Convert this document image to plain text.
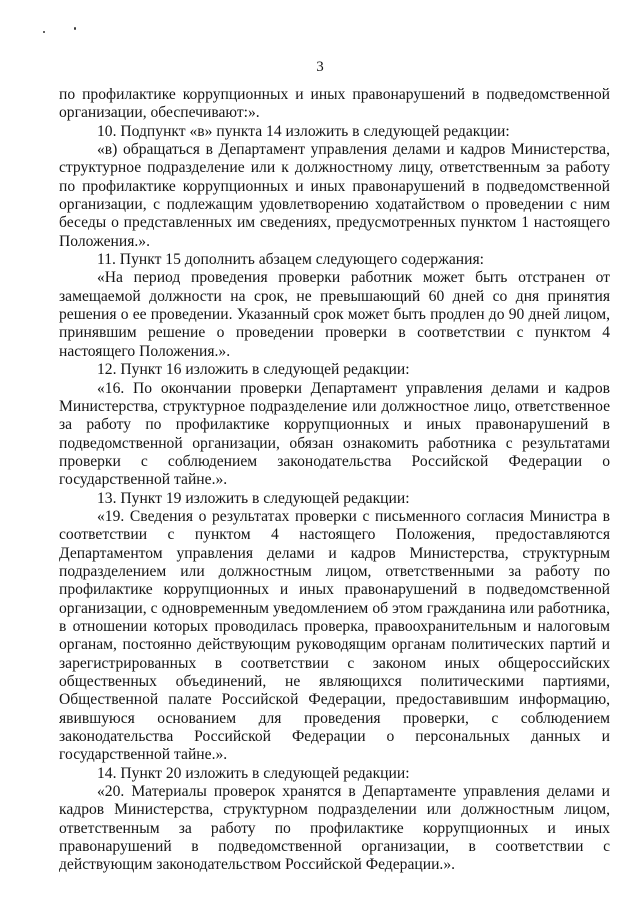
3

по профилактике коррупционных и иных правонарушений в подведомственной организации, обеспечивают:».

10. Подпункт «в» пункта 14 изложить в следующей редакции:

«в) обращаться в Департамент управления делами и кадров Министерства, структурное подразделение или к должностному лицу, ответственным за работу по профилактике коррупционных и иных правонарушений в подведомственной организации, с подлежащим удовлетворению ходатайством о проведении с ним беседы о представленных им сведениях, предусмотренных пунктом 1 настоящего Положения.».

11. Пункт 15 дополнить абзацем следующего содержания:

«На период проведения проверки работник может быть отстранен от замещаемой должности на срок, не превышающий 60 дней со дня принятия решения о ее проведении. Указанный срок может быть продлен до 90 дней лицом, принявшим решение о проведении проверки в соответствии с пунктом 4 настоящего Положения.».

12. Пункт 16 изложить в следующей редакции:

«16. По окончании проверки Департамент управления делами и кадров Министерства, структурное подразделение или должностное лицо, ответственное за работу по профилактике коррупционных и иных правонарушений в подведомственной организации, обязан ознакомить работника с результатами проверки с соблюдением законодательства Российской Федерации о государственной тайне.».

13. Пункт 19 изложить в следующей редакции:

«19. Сведения о результатах проверки с письменного согласия Министра в соответствии с пунктом 4 настоящего Положения, предоставляются Департаментом управления делами и кадров Министерства, структурным подразделением или должностным лицом, ответственными за работу по профилактике коррупционных и иных правонарушений в подведомственной организации, с одновременным уведомлением об этом гражданина или работника, в отношении которых проводилась проверка, правоохранительным и налоговым органам, постоянно действующим руководящим органам политических партий и зарегистрированных в соответствии с законом иных общероссийских общественных объединений, не являющихся политическими партиями, Общественной палате Российской Федерации, предоставившим информацию, явившуюся основанием для проведения проверки, с соблюдением законодательства Российской Федерации о персональных данных и государственной тайне.».

14. Пункт 20 изложить в следующей редакции:

«20. Материалы проверок хранятся в Департаменте управления делами и кадров Министерства, структурном подразделении или должностным лицом, ответственным за работу по профилактике коррупционных и иных правонарушений в подведомственной организации, в соответствии с действующим законодательством Российской Федерации.».
